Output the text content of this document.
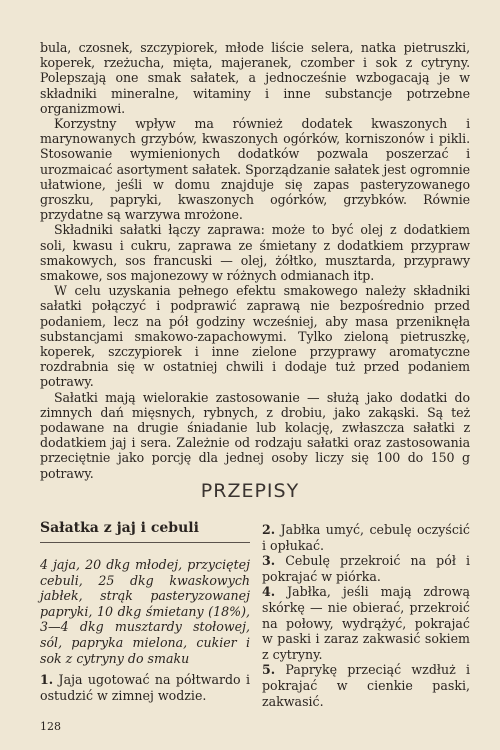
bula, czosnek, szczypiorek, młode liście selera, natka pietruszki, koperek, rzeżucha, mięta, majeranek, czomber i sok z cytryny. Polepszają one smak sałatek, a jednocześnie wzbogacają je w składniki mineralne, witaminy i inne substancje potrzebne organizmowi.

Korzystny wpływ ma również dodatek kwaszonych i marynowanych grzybów, kwaszonych ogórków, korniszonów i pikli. Stosowanie wymienionych dodatków pozwala poszerzać i urozmaicać asortyment sałatek. Sporządzanie sałatek jest ogromnie ułatwione, jeśli w domu znajduje się zapas pasteryzowanego groszku, papryki, kwaszonych ogórków, grzybków. Równie przydatne są warzywa mrożone.

Składniki sałatki łączy zaprawa: może to być olej z dodatkiem soli, kwasu i cukru, zaprawa ze śmietany z dodatkiem przypraw smakowych, sos francuski — olej, żółtko, musztarda, przyprawy smakowe, sos majonezowy w różnych odmianach itp.

W celu uzyskania pełnego efektu smakowego należy składniki sałatki połączyć i podprawić zaprawą nie bezpośrednio przed podaniem, lecz na pół godziny wcześniej, aby masa przeniknęła substancjami smakowo-zapachowymi. Tylko zieloną pietruszkę, koperek, szczypiorek i inne zielone przyprawy aromatyczne rozdrabnia się w ostatniej chwili i dodaje tuż przed podaniem potrawy.

Sałatki mają wielorakie zastosowanie — służą jako dodatki do zimnych dań mięsnych, rybnych, z drobiu, jako zakąski. Są też podawane na drugie śniadanie lub kolację, zwłaszcza sałatki z dodatkiem jaj i sera. Zależnie od rodzaju sałatki oraz zastosowania przeciętnie jako porcję dla jednej osoby liczy się 100 do 150 g potrawy.

PRZEPISY
Sałatka z jaj i cebuli
4 jaja, 20 dkg młodej, przyciętej cebuli, 25 dkg kwaskowych jabłek, strąk pasteryzowanej papryki, 10 dkg śmietany (18%), 3—4 dkg musztardy stołowej, sól, papryka mielona, cukier i sok z cytryny do smaku
1. Jaja ugotować na półtwardo i ostudzić w zimnej wodzie.
2. Jabłka umyć, cebulę oczyścić i opłukać.
3. Cebulę przekroić na pół i pokrajać w piórka.
4. Jabłka, jeśli mają zdrową skórkę — nie obierać, przekroić na połowy, wydrążyć, pokrajać w paski i zaraz zakwasić sokiem z cytryny.
5. Paprykę przeciąć wzdłuż i pokrajać w cienkie paski, zakwasić.
128
